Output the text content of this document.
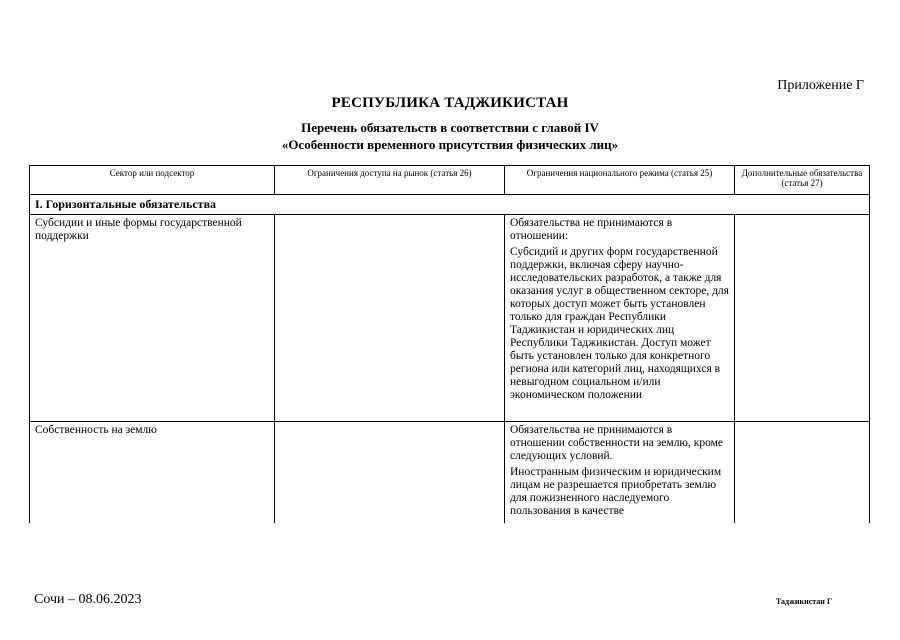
Приложение Г
РЕСПУБЛИКА ТАДЖИКИСТАН
Перечень обязательств в соответствии с главой IV
«Особенности временного присутствия физических лиц»
Сектор или подсектор	Ограничения доступа на рынок (статья 26)	Ограничения национального режима (статья 25)	Дополнительные обязательства (статья 27)
I. Горизонтальные обязательства			
Субсидии и иные формы государственной поддержки		Обязательства не принимаются в отношении:

Субсидий и других форм государственной поддержки, включая сферу научно-исследовательских разработок, а также для оказания услуг в общественном секторе, для которых доступ может быть установлен только для граждан Республики Таджикистан и юридических лиц Республики Таджикистан. Доступ может быть установлен только для конкретного региона или категорий лиц, находящихся в невыгодном социальном и/или экономическом положении	

Собственность на землю		Обязательства не принимаются в отношении собственности на землю, кроме следующих условий.

Иностранным физическим и юридическим лицам не разрешается приобретать землю для пожизненного наследуемого пользования в качестве	

Сочи – 08.06.2023	Таджикистан Г
